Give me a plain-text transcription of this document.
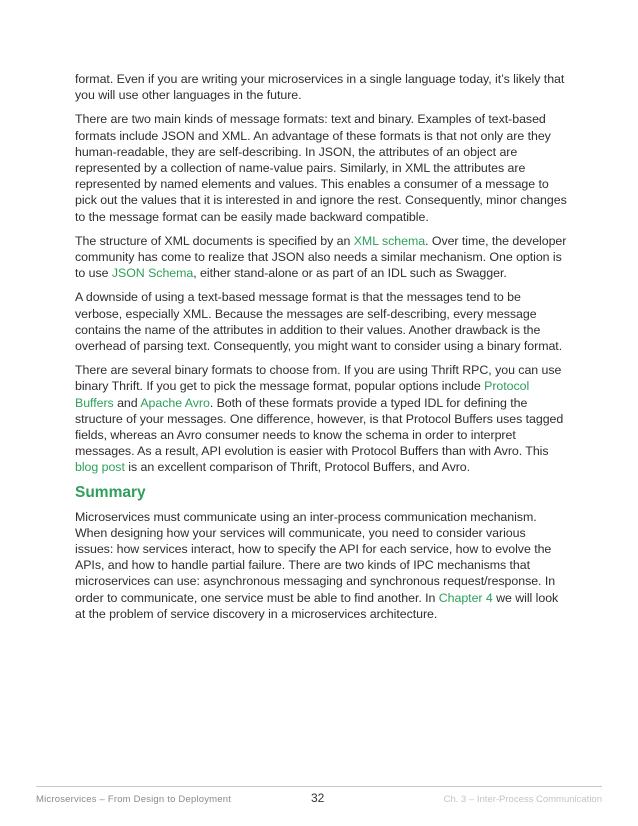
format. Even if you are writing your microservices in a single language today, it’s likely that you will use other languages in the future.

There are two main kinds of message formats: text and binary. Examples of text-based formats include JSON and XML. An advantage of these formats is that not only are they human-readable, they are self-describing. In JSON, the attributes of an object are represented by a collection of name-value pairs. Similarly, in XML the attributes are represented by named elements and values. This enables a consumer of a message to pick out the values that it is interested in and ignore the rest. Consequently, minor changes to the message format can be easily made backward compatible.

The structure of XML documents is specified by an XML schema. Over time, the developer community has come to realize that JSON also needs a similar mechanism. One option is to use JSON Schema, either stand-alone or as part of an IDL such as Swagger.

A downside of using a text-based message format is that the messages tend to be verbose, especially XML. Because the messages are self-describing, every message contains the name of the attributes in addition to their values. Another drawback is the overhead of parsing text. Consequently, you might want to consider using a binary format.

There are several binary formats to choose from. If you are using Thrift RPC, you can use binary Thrift. If you get to pick the message format, popular options include Protocol Buffers and Apache Avro. Both of these formats provide a typed IDL for defining the structure of your messages. One difference, however, is that Protocol Buffers uses tagged fields, whereas an Avro consumer needs to know the schema in order to interpret messages. As a result, API evolution is easier with Protocol Buffers than with Avro. This blog post is an excellent comparison of Thrift, Protocol Buffers, and Avro.

Summary

Microservices must communicate using an inter-process communication mechanism. When designing how your services will communicate, you need to consider various issues: how services interact, how to specify the API for each service, how to evolve the APIs, and how to handle partial failure. There are two kinds of IPC mechanisms that microservices can use: asynchronous messaging and synchronous request/response. In order to communicate, one service must be able to find another. In Chapter 4 we will look at the problem of service discovery in a microservices architecture.

Microservices – From Design to Deployment	32	Ch. 3 – Inter-Process Communication
